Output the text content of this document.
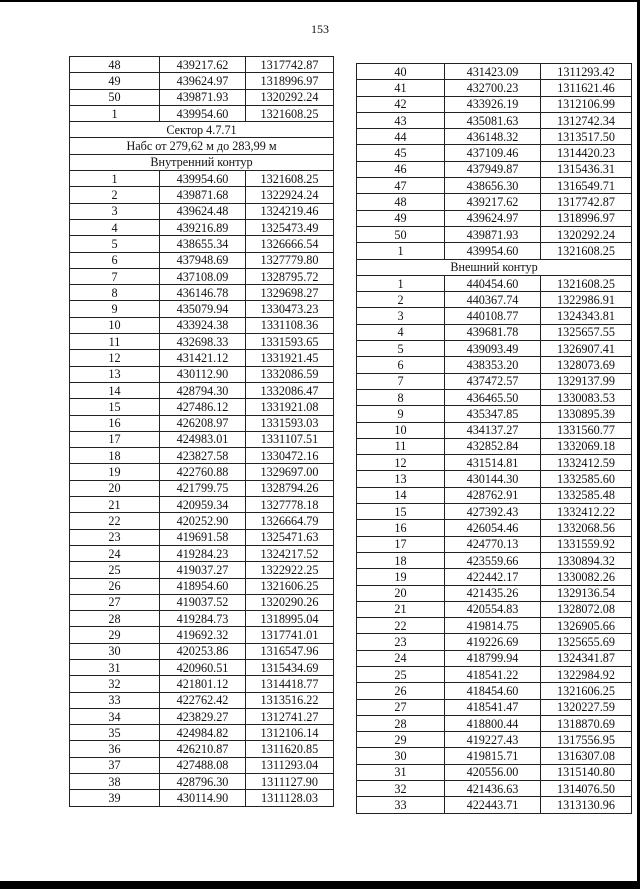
153
48	439217.62	1317742.87
49	439624.97	1318996.97
50	439871.93	1320292.24
1	439954.60	1321608.25
Сектор 4.7.71		
Набс от 279,62 м до 283,99 м		
Внутренний контур		
1	439954.60	1321608.25
2	439871.68	1322924.24
3	439624.48	1324219.46
4	439216.89	1325473.49
5	438655.34	1326666.54
6	437948.69	1327779.80
7	437108.09	1328795.72
8	436146.78	1329698.27
9	435079.94	1330473.23
10	433924.38	1331108.36
11	432698.33	1331593.65
12	431421.12	1331921.45
13	430112.90	1332086.59
14	428794.30	1332086.47
15	427486.12	1331921.08
16	426208.97	1331593.03
17	424983.01	1331107.51
18	423827.58	1330472.16
19	422760.88	1329697.00
20	421799.75	1328794.26
21	420959.34	1327778.18
22	420252.90	1326664.79
23	419691.58	1325471.63
24	419284.23	1324217.52
25	419037.27	1322922.25
26	418954.60	1321606.25
27	419037.52	1320290.26
28	419284.73	1318995.04
29	419692.32	1317741.01
30	420253.86	1316547.96
31	420960.51	1315434.69
32	421801.12	1314418.77
33	422762.42	1313516.22
34	423829.27	1312741.27
35	424984.82	1312106.14
36	426210.87	1311620.85
37	427488.08	1311293.04
38	428796.30	1311127.90
39	430114.90	1311128.03
40	431423.09	1311293.42
41	432700.23	1311621.46
42	433926.19	1312106.99
43	435081.63	1312742.34
44	436148.32	1313517.50
45	437109.46	1314420.23
46	437949.87	1315436.31
47	438656.30	1316549.71
48	439217.62	1317742.87
49	439624.97	1318996.97
50	439871.93	1320292.24
1	439954.60	1321608.25
Внешний контур		
1	440454.60	1321608.25
2	440367.74	1322986.91
3	440108.77	1324343.81
4	439681.78	1325657.55
5	439093.49	1326907.41
6	438353.20	1328073.69
7	437472.57	1329137.99
8	436465.50	1330083.53
9	435347.85	1330895.39
10	434137.27	1331560.77
11	432852.84	1332069.18
12	431514.81	1332412.59
13	430144.30	1332585.60
14	428762.91	1332585.48
15	427392.43	1332412.22
16	426054.46	1332068.56
17	424770.13	1331559.92
18	423559.66	1330894.32
19	422442.17	1330082.26
20	421435.26	1329136.54
21	420554.83	1328072.08
22	419814.75	1326905.66
23	419226.69	1325655.69
24	418799.94	1324341.87
25	418541.22	1322984.92
26	418454.60	1321606.25
27	418541.47	1320227.59
28	418800.44	1318870.69
29	419227.43	1317556.95
30	419815.71	1316307.08
31	420556.00	1315140.80
32	421436.63	1314076.50
33	422443.71	1313130.96
